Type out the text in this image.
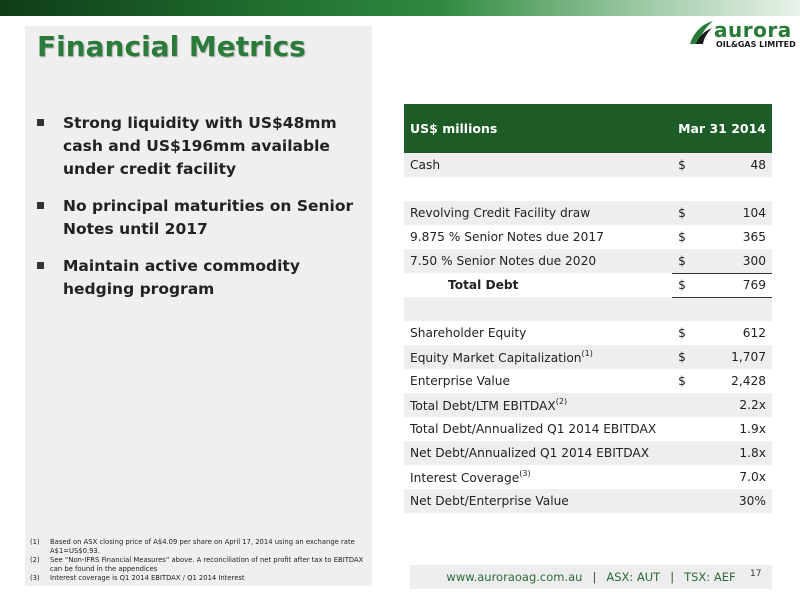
Financial Metrics	aurora
OIL&GAS LIMITED
Strong liquidity with US$48mm cash and US$196mm available under credit facility
No principal maturities on Senior Notes until 2017
Maintain active commodity hedging program
US$ millions	Mar 31 2014
Cash	$ 48

Revolving Credit Facility draw	$ 104

9.875 % Senior Notes due 2017	$ 365

7.50 % Senior Notes due 2020	$ 300

Total Debt	$ 769

Shareholder Equity	$ 612

Equity Market Capitalization$^{(1)}$	$ 1,707

Enterprise Value	$ 2,428

Total Debt/LTM EBITDAX$^{(2)}$	2.2x

Total Debt/Annualized Q1 2014 EBITDAX	1.9x

Net Debt/Annualized Q1 2014 EBITDAX	1.8x

Interest Coverage$^{(3)}$	7.0x

Net Debt/Enterprise Value	30%
(1)	Based on ASX closing price of A$4.09 per share on April 17, 2014 using an exchange rate A$1=US$0.93.
(2)	See “Non-IFRS Financial Measures” above. A reconciliation of net profit after tax to EBITDAX can be found in the appendices
(3)	Interest coverage is Q1 2014 EBITDAX / Q1 2014 Interest	www.auroraoag.com.au | ASX: AUT | TSX: AEF 17
